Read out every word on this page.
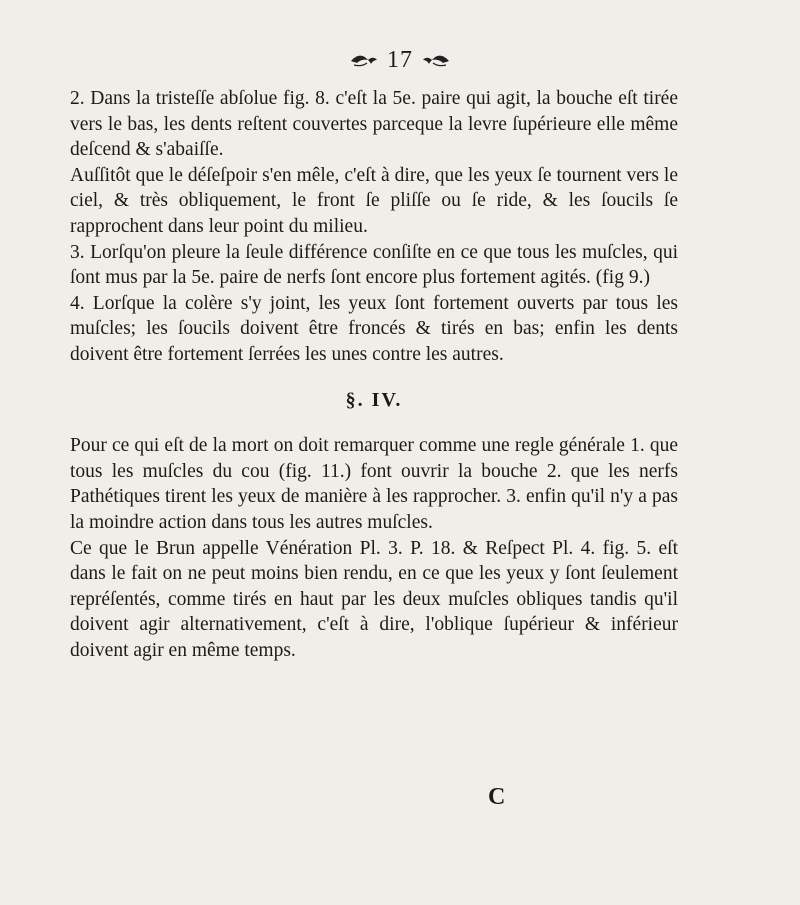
17

2. Dans la tristeſſe abſolue fig. 8. c'eſt la 5e. paire qui agit, la bouche eſt tirée vers le bas, les dents reſtent couvertes parceque la levre ſupérieure elle même deſcend & s'abaiſſe.

Auſſitôt que le déſeſpoir s'en mêle, c'eſt à dire, que les yeux ſe tournent vers le ciel, & très obliquement, le front ſe pliſſe ou ſe ride, & les ſoucils ſe rapprochent dans leur point du milieu.

3. Lorſqu'on pleure la ſeule différence conſiſte en ce que tous les muſcles, qui ſont mus par la 5e. paire de nerfs ſont encore plus fortement agités. (fig 9.)

4. Lorſque la colère s'y joint, les yeux ſont fortement ouverts par tous les muſcles; les ſoucils doivent être froncés & tirés en bas; enfin les dents doivent être fortement ſerrées les unes contre les autres.

§. IV.

Pour ce qui eſt de la mort on doit remarquer comme une regle générale 1. que tous les muſcles du cou (fig. 11.) font ouvrir la bouche 2. que les nerfs Pathétiques tirent les yeux de manière à les rapprocher. 3. enfin qu'il n'y a pas la moindre action dans tous les autres muſcles.

Ce que le Brun appelle Vénération Pl. 3. P. 18. & Reſpect Pl. 4. fig. 5. eſt dans le fait on ne peut moins bien rendu, en ce que les yeux y ſont ſeulement repréſentés, comme tirés en haut par les deux muſcles obliques tandis qu'il doivent agir alternativement, c'eſt à dire, l'oblique ſupérieur & inférieur doivent agir en même temps.

C
